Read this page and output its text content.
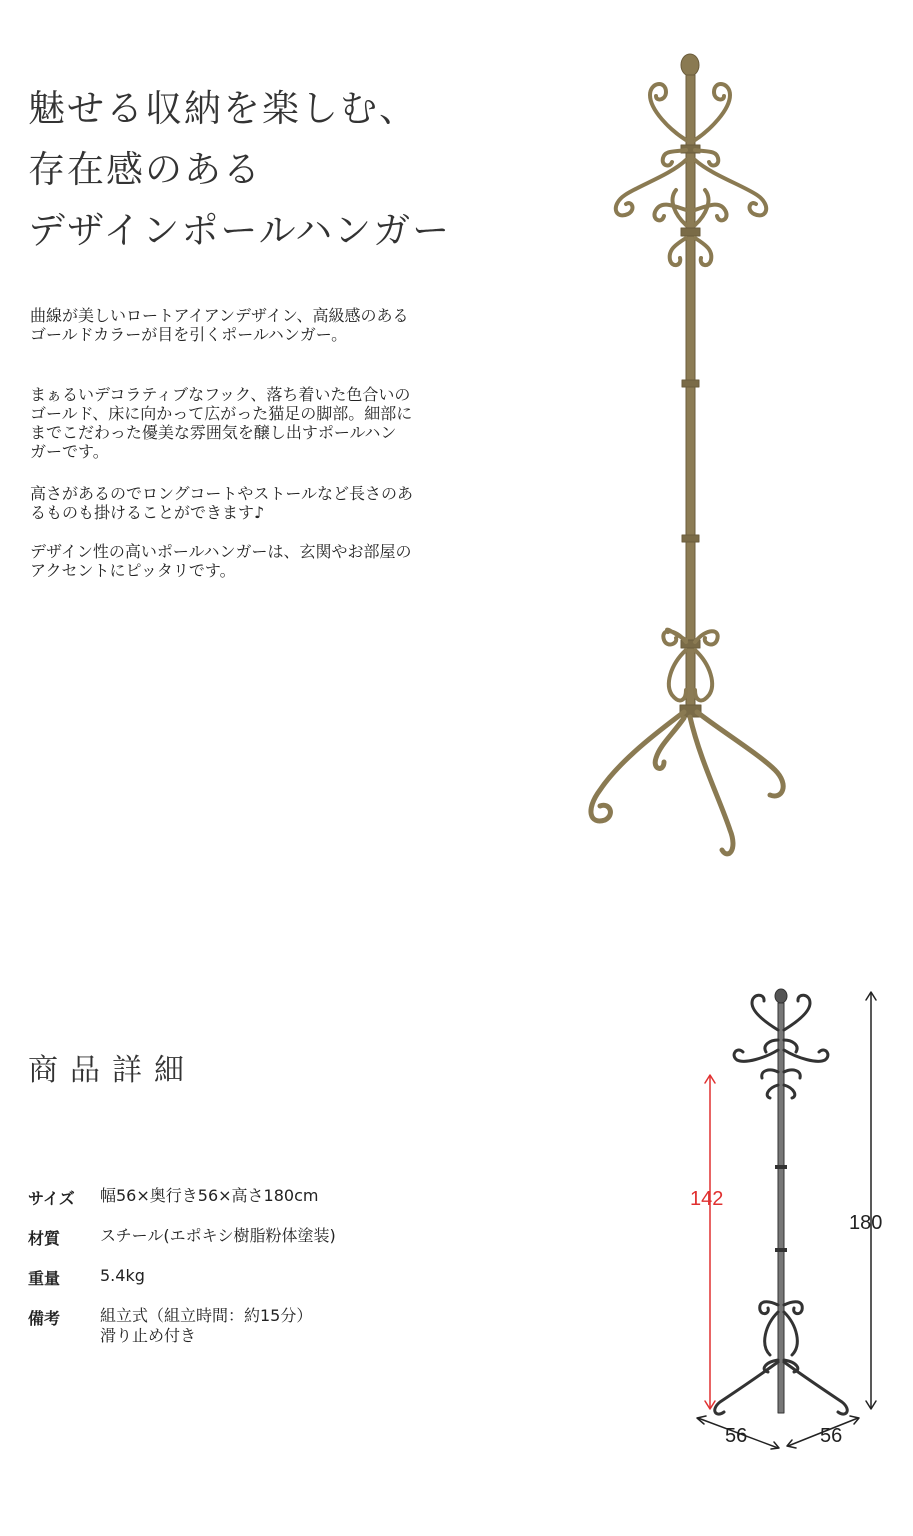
魅せる収納を楽しむ、
存在感のある
デザインポールハンガー

曲線が美しいロートアイアンデザイン、高級感のある
ゴールドカラーが目を引くポールハンガー。

まぁるいデコラティブなフック、落ち着いた色合いの
ゴールド、床に向かって広がった猫足の脚部。細部に
までこだわった優美な雰囲気を醸し出すポールハン
ガーです。

高さがあるのでロングコートやストールなど長さのあ
るものも掛けることができます♪

デザイン性の高いポールハンガーは、玄関やお部屋の
アクセントにピッタリです。

商品詳細
サイズ	幅56×奥行き56×高さ180cm
材質	スチール(エポキシ樹脂粉体塗装)
重量	5.4kg
備考	組立式（組立時間：約15分）
滑り止め付き
180
142
56	56
